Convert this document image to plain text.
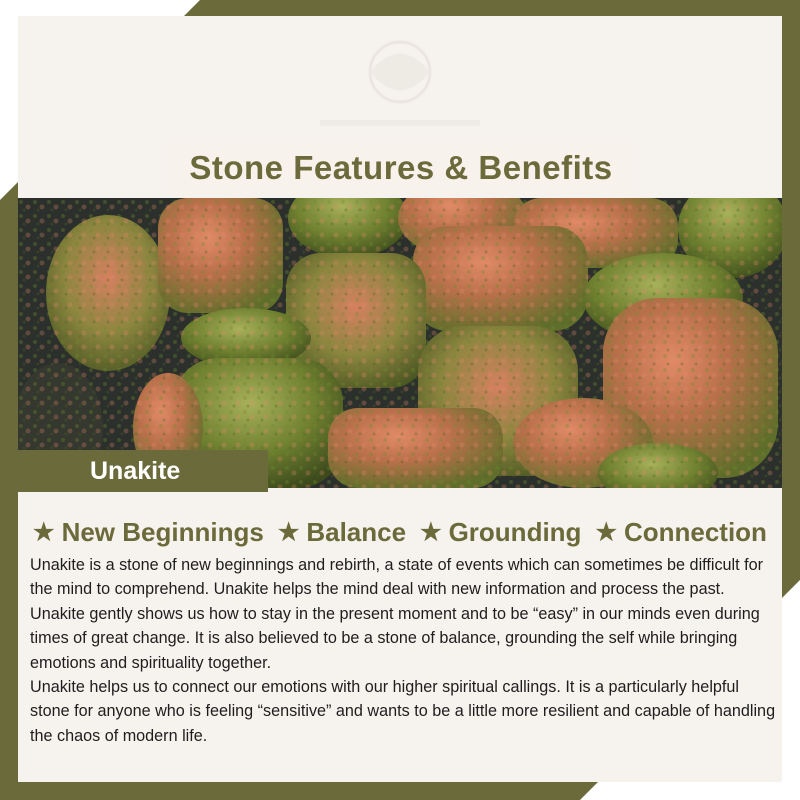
Stone Features & Benefits
Unakite
★ New Beginnings ★ Balance ★ Grounding ★ Connection

Unakite is a stone of new beginnings and rebirth, a state of events which can sometimes be difficult for the mind to comprehend. Unakite helps the mind deal with new information and process the past. Unakite gently shows us how to stay in the present moment and to be “easy” in our minds even during times of great change. It is also believed to be a stone of balance, grounding the self while bringing emotions and spirituality together.

Unakite helps us to connect our emotions with our higher spiritual callings. It is a particularly helpful stone for anyone who is feeling “sensitive” and wants to be a little more resilient and capable of handling the chaos of modern life.
